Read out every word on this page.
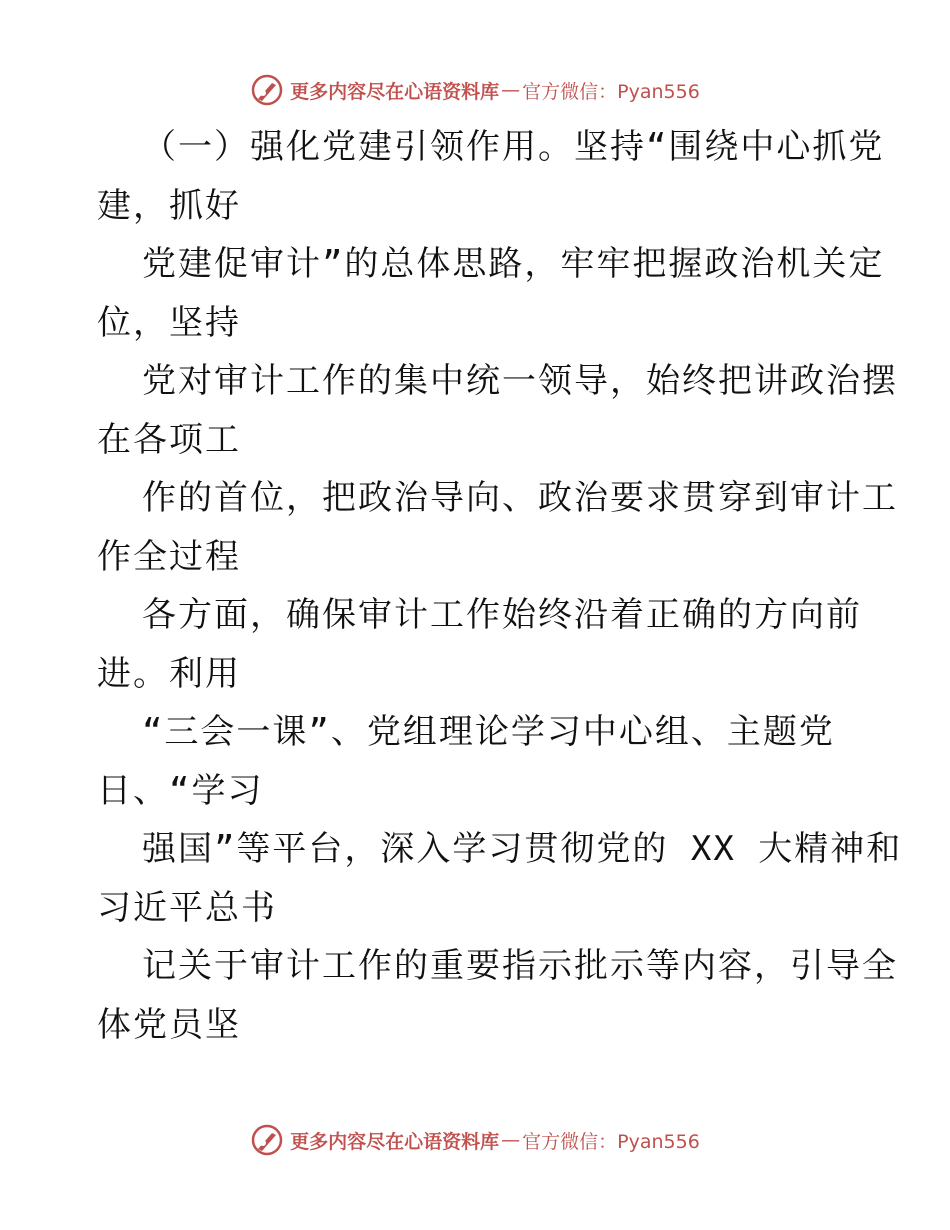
更多内容尽在心语资料库 — 官方微信：Pyan556
（一）强化党建引领作用。坚持“围绕中心抓党
建，抓好
党建促审计”的总体思路，牢牢把握政治机关定
位，坚持
党对审计工作的集中统一领导，始终把讲政治摆
在各项工
作的首位，把政治导向、政治要求贯穿到审计工
作全过程
各方面，确保审计工作始终沿着正确的方向前
进。利用
“三会一课”、党组理论学习中心组、主题党
日、“学习
强国”等平台，深入学习贯彻党的 XX 大精神和
习近平总书
记关于审计工作的重要指示批示等内容，引导全
体党员坚
更多内容尽在心语资料库 — 官方微信：Pyan556
